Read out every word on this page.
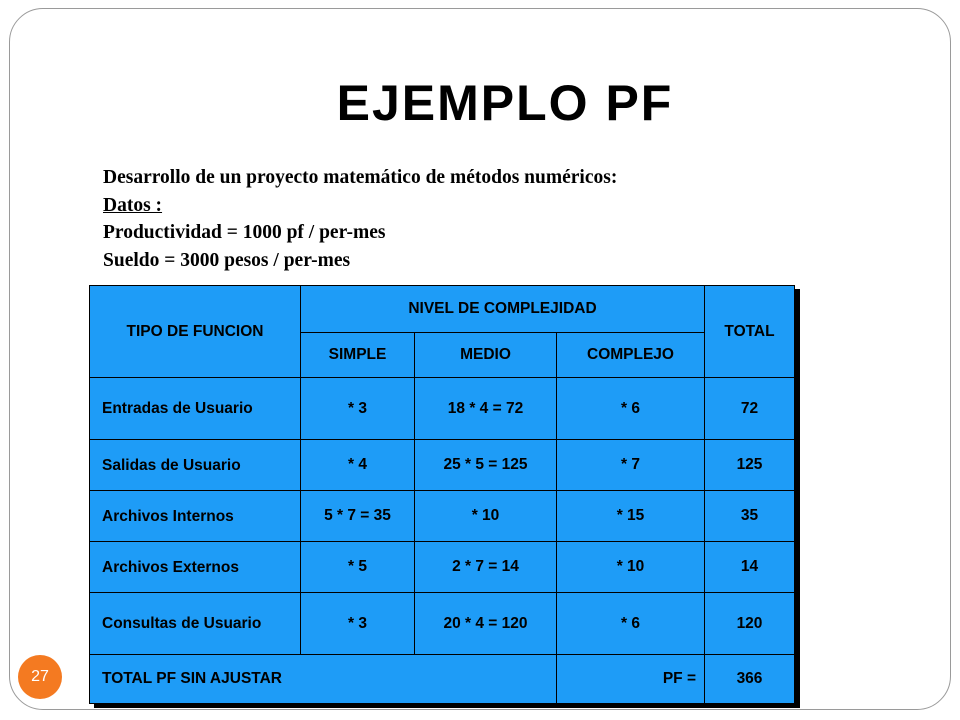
EJEMPLO PF
Desarrollo de un proyecto matemático de métodos numéricos:
Datos :
Productividad = 1000 pf / per-mes
Sueldo = 3000 pesos / per-mes
TIPO DE FUNCION	NIVEL DE COMPLEJIDAD			TOTAL
	SIMPLE	MEDIO	COMPLEJO	
Entradas de Usuario	* 3	18 * 4 = 72	* 6	72
Salidas de Usuario	* 4	25 * 5 = 125	* 7	125
Archivos Internos	5 * 7 = 35	* 10	* 15	35
Archivos Externos	* 5	2 * 7 = 14	* 10	14
Consultas de Usuario	* 3	20 * 4 = 120	* 6	120
TOTAL PF SIN AJUSTAR			PF =	366
27
